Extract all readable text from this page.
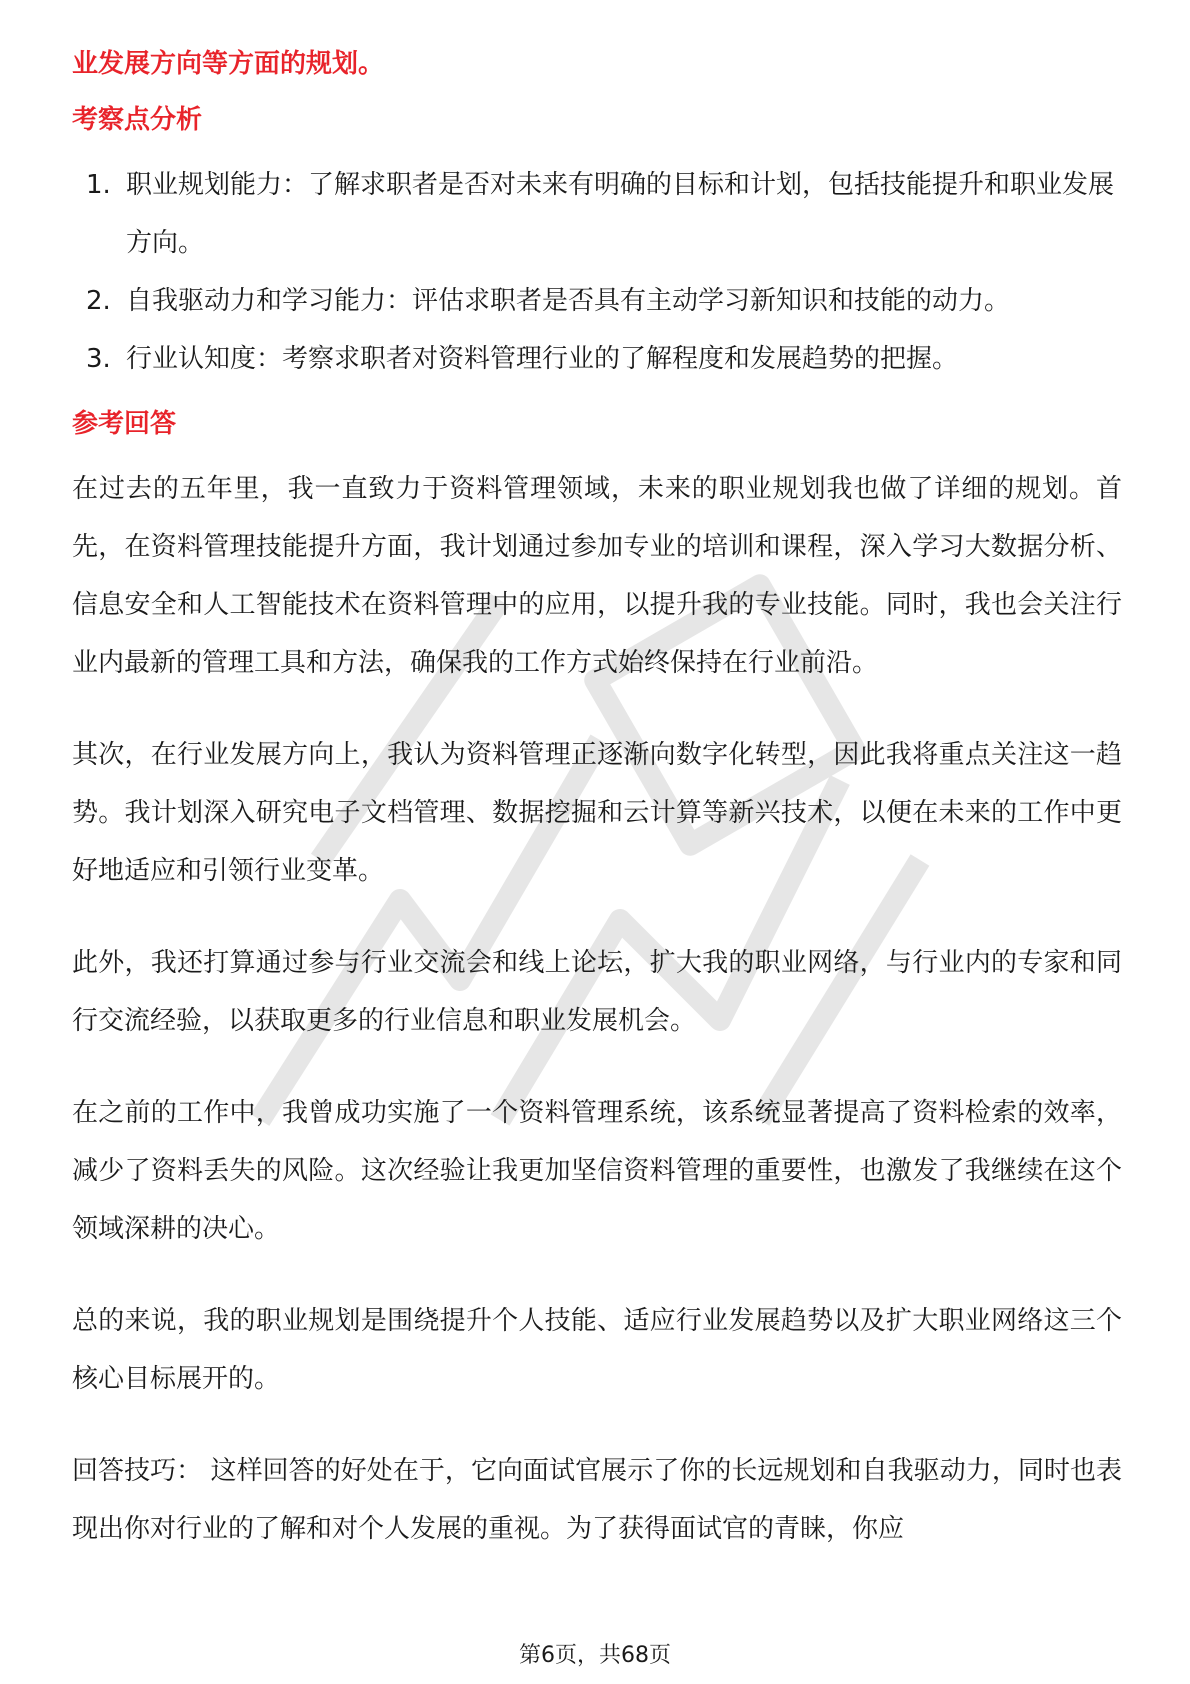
业发展方向等方面的规划。

考察点分析

1. 职业规划能力：了解求职者是否对未来有明确的目标和计划，包括技能提升和职业发展方向。
2. 自我驱动力和学习能力：评估求职者是否具有主动学习新知识和技能的动力。
3. 行业认知度：考察求职者对资料管理行业的了解程度和发展趋势的把握。

参考回答

在过去的五年里，我一直致力于资料管理领域，未来的职业规划我也做了详细的规划。首先，在资料管理技能提升方面，我计划通过参加专业的培训和课程，深入学习大数据分析、信息安全和人工智能技术在资料管理中的应用，以提升我的专业技能。同时，我也会关注行业内最新的管理工具和方法，确保我的工作方式始终保持在行业前沿。

其次，在行业发展方向上，我认为资料管理正逐渐向数字化转型，因此我将重点关注这一趋势。我计划深入研究电子文档管理、数据挖掘和云计算等新兴技术，以便在未来的工作中更好地适应和引领行业变革。

此外，我还打算通过参与行业交流会和线上论坛，扩大我的职业网络，与行业内的专家和同行交流经验，以获取更多的行业信息和职业发展机会。

在之前的工作中，我曾成功实施了一个资料管理系统，该系统显著提高了资料检索的效率，减少了资料丢失的风险。这次经验让我更加坚信资料管理的重要性，也激发了我继续在这个领域深耕的决心。

总的来说，我的职业规划是围绕提升个人技能、适应行业发展趋势以及扩大职业网络这三个核心目标展开的。

回答技巧： 这样回答的好处在于，它向面试官展示了你的长远规划和自我驱动力，同时也表现出你对行业的了解和对个人发展的重视。为了获得面试官的青睐，你应

第6页，共68页
